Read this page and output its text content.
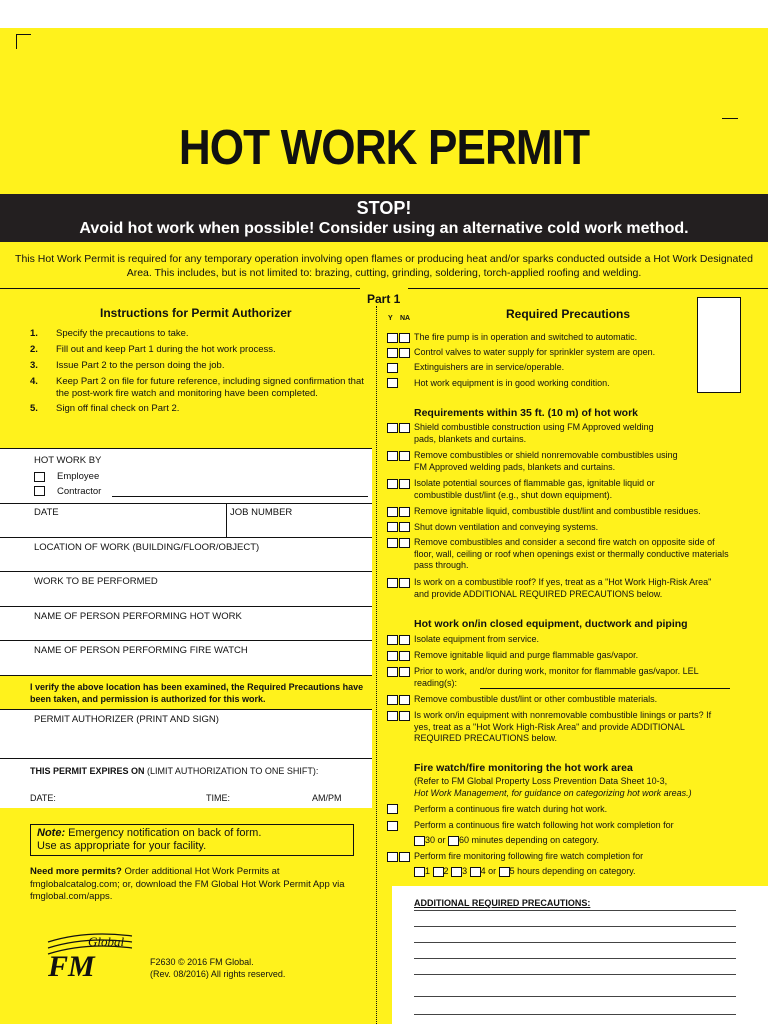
HOT WORK PERMIT
STOP!
Avoid hot work when possible! Consider using an alternative cold work method.
This Hot Work Permit is required for any temporary operation involving open flames or producing heat and/or sparks conducted outside a Hot Work Designated Area. This includes, but is not limited to: brazing, cutting, grinding, soldering, torch-applied roofing and welding.
Part 1
Instructions for Permit Authorizer
1. Specify the precautions to take.
2. Fill out and keep Part 1 during the hot work process.
3. Issue Part 2 to the person doing the job.
4. Keep Part 2 on file for future reference, including signed confirmation that the post-work fire watch and monitoring have been completed.
5. Sign off final check on Part 2.
HOT WORK BY
Employee
Contractor
DATE	JOB NUMBER
LOCATION OF WORK (BUILDING/FLOOR/OBJECT)
WORK TO BE PERFORMED
NAME OF PERSON PERFORMING HOT WORK
NAME OF PERSON PERFORMING FIRE WATCH
I verify the above location has been examined, the Required Precautions have been taken, and permission is authorized for this work.
PERMIT AUTHORIZER (PRINT AND SIGN)
THIS PERMIT EXPIRES ON (LIMIT AUTHORIZATION TO ONE SHIFT):
DATE:	TIME:	AM/PM
Note: Emergency notification on back of form.
Use as appropriate for your facility.
Need more permits? Order additional Hot Work Permits at fmglobalcatalog.com; or, download the FM Global Hot Work Permit App via fmglobal.com/apps.
FM
Global
F2630 © 2016 FM Global.
(Rev. 08/2016) All rights reserved.
Required Precautions
Y NA
The fire pump is in operation and switched to automatic.
Control valves to water supply for sprinkler system are open.
Extinguishers are in service/operable.
Hot work equipment is in good working condition.
Requirements within 35 ft. (10 m) of hot work
Shield combustible construction using FM Approved welding pads, blankets and curtains.
Remove combustibles or shield nonremovable combustibles using FM Approved welding pads, blankets and curtains.
Isolate potential sources of flammable gas, ignitable liquid or combustible dust/lint (e.g., shut down equipment).
Remove ignitable liquid, combustible dust/lint and combustible residues.
Shut down ventilation and conveying systems.
Remove combustibles and consider a second fire watch on opposite side of floor, wall, ceiling or roof when openings exist or thermally conductive materials pass through.
Is work on a combustible roof? If yes, treat as a "Hot Work High-Risk Area" and provide ADDITIONAL REQUIRED PRECAUTIONS below.
Hot work on/in closed equipment, ductwork and piping
Isolate equipment from service.
Remove ignitable liquid and purge flammable gas/vapor.
Prior to work, and/or during work, monitor for flammable gas/vapor. LEL reading(s):
Remove combustible dust/lint or other combustible materials.
Is work on/in equipment with nonremovable combustible linings or parts? If yes, treat as a "Hot Work High-Risk Area" and provide ADDITIONAL REQUIRED PRECAUTIONS below.
Fire watch/fire monitoring the hot work area
(Refer to FM Global Property Loss Prevention Data Sheet 10-3,
Hot Work Management, for guidance on categorizing hot work areas.)
Perform a continuous fire watch during hot work.
Perform a continuous fire watch following hot work completion for
30 or 60 minutes depending on category.
Perform fire monitoring following fire watch completion for
1 2 3 4 or 5 hours depending on category.
ADDITIONAL REQUIRED PRECAUTIONS:
